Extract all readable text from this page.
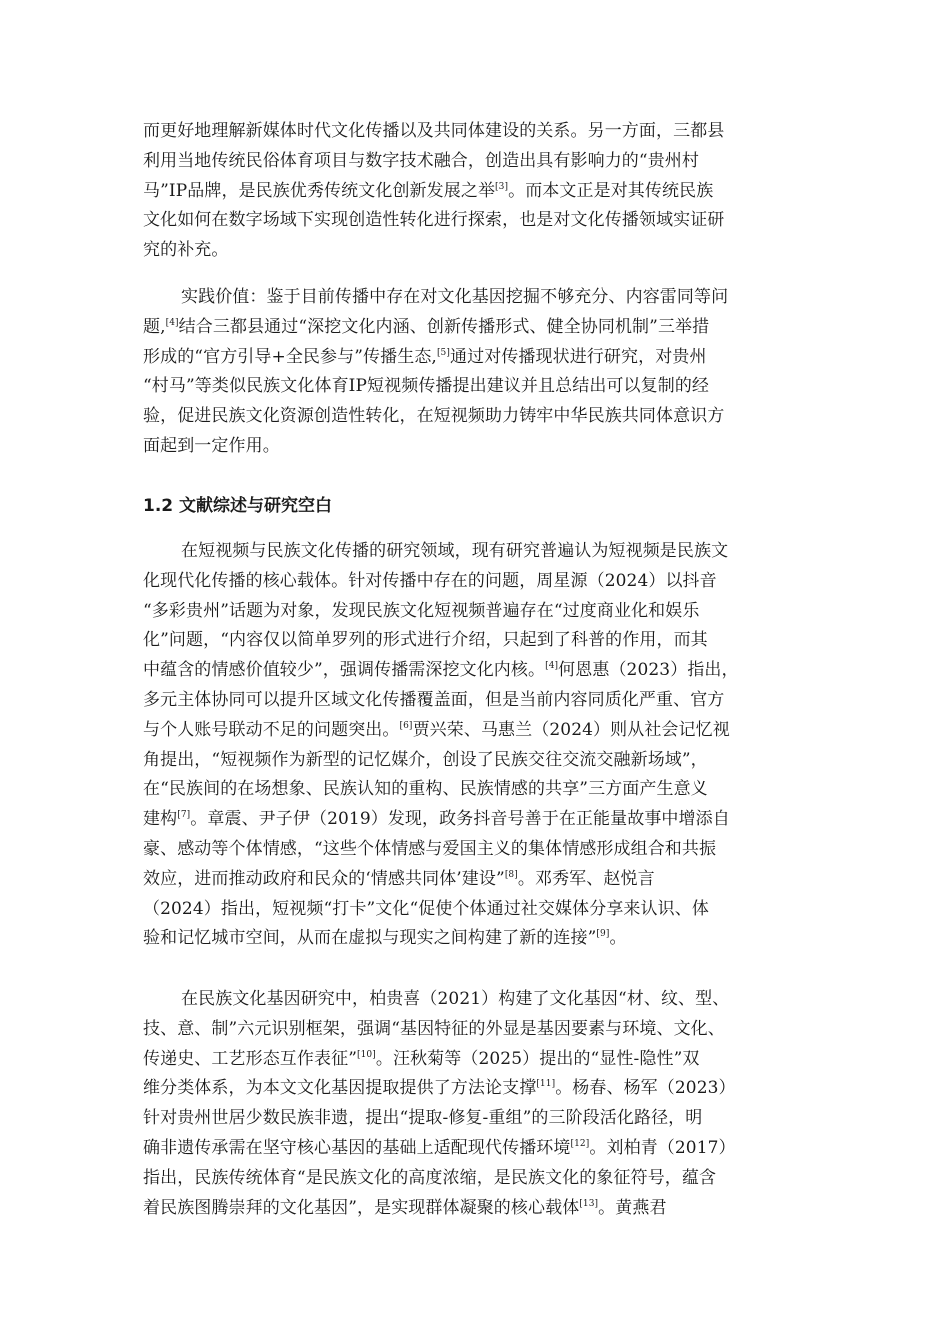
而更好地理解新媒体时代文化传播以及共同体建设的关系。另一方面，三都县
利用当地传统民俗体育项目与数字技术融合，创造出具有影响力的“贵州村
马”IP品牌，是民族优秀传统文化创新发展之举[3]。而本文正是对其传统民族
文化如何在数字场域下实现创造性转化进行探索，也是对文化传播领域实证研
究的补充。

实践价值：鉴于目前传播中存在对文化基因挖掘不够充分、内容雷同等问
题,[4]结合三都县通过“深挖文化内涵、创新传播形式、健全协同机制”三举措
形成的“官方引导+全民参与”传播生态,[5]通过对传播现状进行研究，对贵州
“村马”等类似民族文化体育IP短视频传播提出建议并且总结出可以复制的经
验，促进民族文化资源创造性转化，在短视频助力铸牢中华民族共同体意识方
面起到一定作用。

1.2 文献综述与研究空白

在短视频与民族文化传播的研究领域，现有研究普遍认为短视频是民族文
化现代化传播的核心载体。针对传播中存在的问题，周星源（2024）以抖音
“多彩贵州”话题为对象，发现民族文化短视频普遍存在“过度商业化和娱乐
化”问题，“内容仅以简单罗列的形式进行介绍，只起到了科普的作用，而其
中蕴含的情感价值较少”，强调传播需深挖文化内核。[4]何恩惠（2023）指出，
多元主体协同可以提升区域文化传播覆盖面，但是当前内容同质化严重、官方
与个人账号联动不足的问题突出。[6]贾兴荣、马惠兰（2024）则从社会记忆视
角提出，“短视频作为新型的记忆媒介，创设了民族交往交流交融新场域”，
在“民族间的在场想象、民族认知的重构、民族情感的共享”三方面产生意义
建构[7]。章震、尹子伊（2019）发现，政务抖音号善于在正能量故事中增添自
豪、感动等个体情感，“这些个体情感与爱国主义的集体情感形成组合和共振
效应，进而推动政府和民众的‘情感共同体’建设”[8]。邓秀军、赵悦言
（2024）指出，短视频“打卡”文化“促使个体通过社交媒体分享来认识、体
验和记忆城市空间，从而在虚拟与现实之间构建了新的连接”[9]。

在民族文化基因研究中，柏贵喜（2021）构建了文化基因“材、纹、型、
技、意、制”六元识别框架，强调“基因特征的外显是基因要素与环境、文化、
传递史、工艺形态互作表征”[10]。汪秋菊等（2025）提出的“显性-隐性”双
维分类体系，为本文文化基因提取提供了方法论支撑[11]。杨春、杨军（2023）
针对贵州世居少数民族非遗，提出“提取-修复-重组”的三阶段活化路径，明
确非遗传承需在坚守核心基因的基础上适配现代传播环境[12]。刘柏青（2017）
指出，民族传统体育“是民族文化的高度浓缩，是民族文化的象征符号，蕴含
着民族图腾崇拜的文化基因”，是实现群体凝聚的核心载体[13]。黄燕君
